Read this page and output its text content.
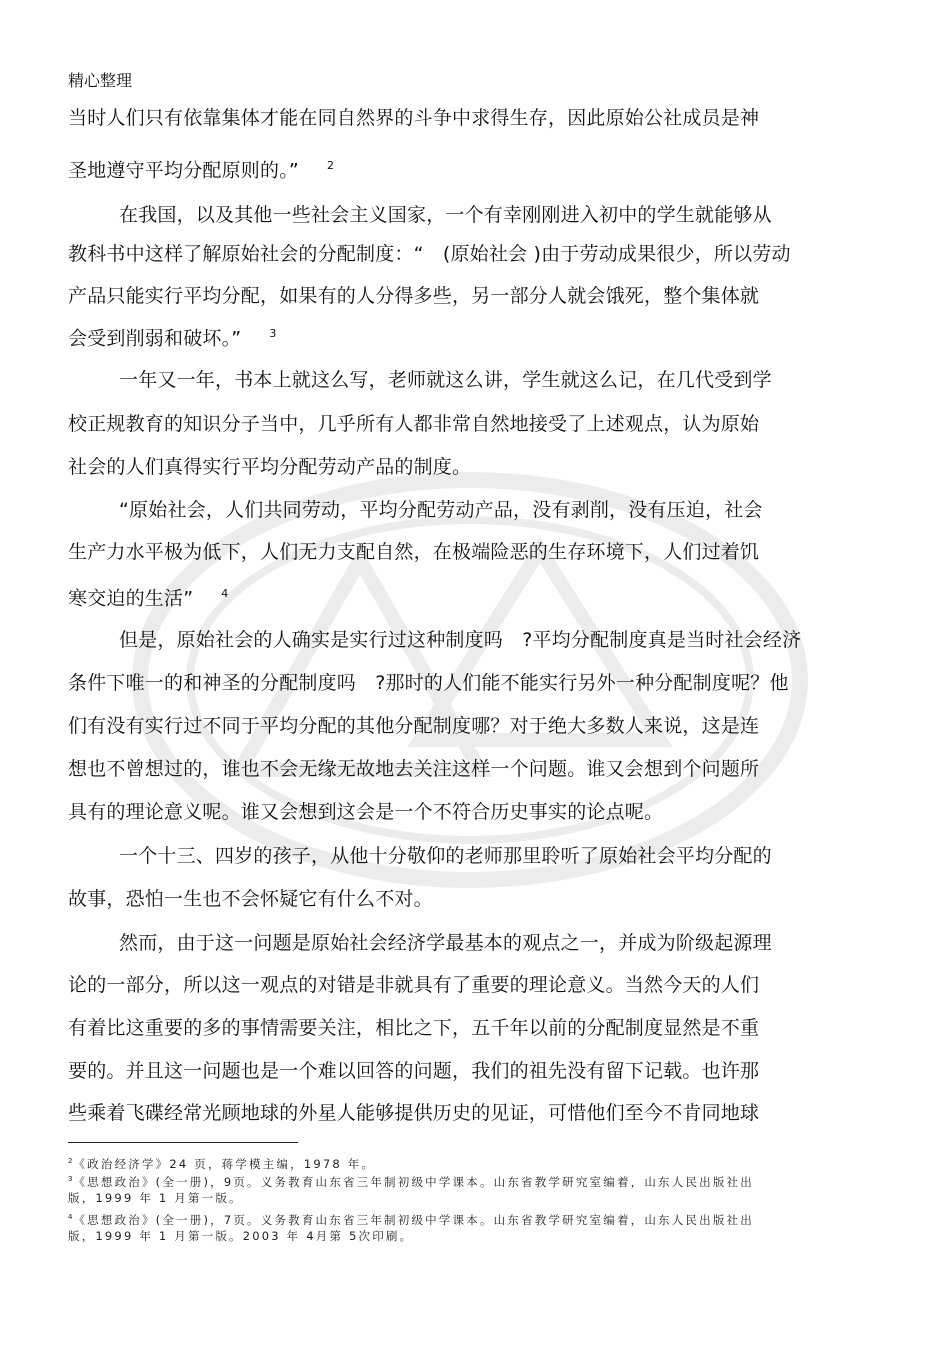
精心整理
当时人们只有依靠集体才能在同自然界的斗争中求得生存，因此原始公社成员是神
圣地遵守平均分配原则的。”	$^2$
在我国，以及其他一些社会主义国家，一个有幸刚刚进入初中的学生就能够从
教科书中这样了解原始社会的分配制度：“　(原始社会 )由于劳动成果很少，所以劳动
产品只能实行平均分配，如果有的人分得多些，另一部分人就会饿死，整个集体就
会受到削弱和破坏。”	$^3$
一年又一年，书本上就这么写，老师就这么讲，学生就这么记，在几代受到学
校正规教育的知识分子当中，几乎所有人都非常自然地接受了上述观点，认为原始
社会的人们真得实行平均分配劳动产品的制度。
“原始社会，人们共同劳动，平均分配劳动产品，没有剥削，没有压迫，社会
生产力水平极为低下，人们无力支配自然，在极端险恶的生存环境下，人们过着饥
寒交迫的生活”	$^4$
但是，原始社会的人确实是实行过这种制度吗　?平均分配制度真是当时社会经济
条件下唯一的和神圣的分配制度吗　?那时的人们能不能实行另外一种分配制度呢？他
们有没有实行过不同于平均分配的其他分配制度哪？对于绝大多数人来说，这是连
想也不曾想过的，谁也不会无缘无故地去关注这样一个问题。谁又会想到个问题所
具有的理论意义呢。谁又会想到这会是一个不符合历史事实的论点呢。
一个十三、四岁的孩子，从他十分敬仰的老师那里聆听了原始社会平均分配的
故事，恐怕一生也不会怀疑它有什么不对。
然而，由于这一问题是原始社会经济学最基本的观点之一，并成为阶级起源理
论的一部分，所以这一观点的对错是非就具有了重要的理论意义。当然今天的人们
有着比这重要的多的事情需要关注，相比之下，五千年以前的分配制度显然是不重
要的。并且这一问题也是一个难以回答的问题，我们的祖先没有留下记载。也许那
些乘着飞碟经常光顾地球的外星人能够提供历史的见证，可惜他们至今不肯同地球
$^2$《政治经济学》24 页，蒋学模主编，1978 年。
$^3$《思想政治》(全一册)，9页。义务教育山东省三年制初级中学课本。山东省教学研究室编着，山东人民出版社出
版，1999 年 1 月第一版。
$^4$《思想政治》(全一册)，7页。义务教育山东省三年制初级中学课本。山东省教学研究室编着，山东人民出版社出
版，1999 年 1 月第一版。2003 年 4月第 5次印刷。
